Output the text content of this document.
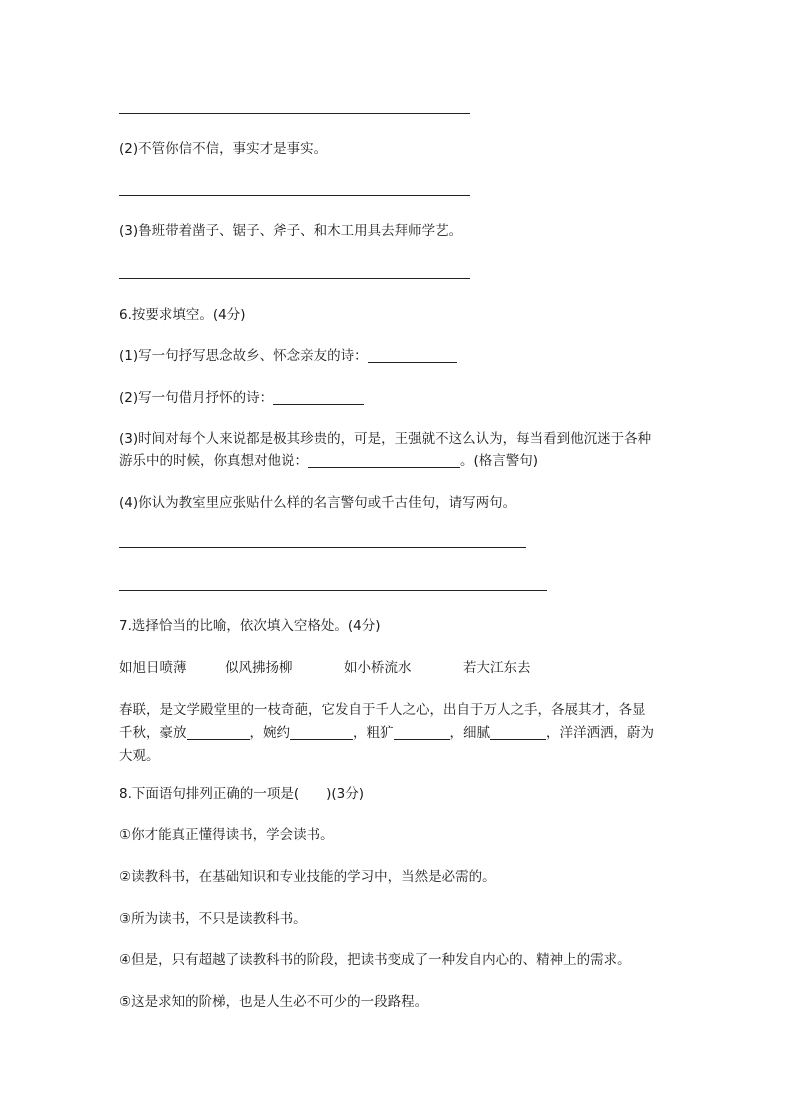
(2)不管你信不信，事实才是事实。
(3)鲁班带着凿子、锯子、斧子、和木工用具去拜师学艺。
6.按要求填空。(4分)
(1)写一句抒写思念故乡、怀念亲友的诗：
(2)写一句借月抒怀的诗：
(3)时间对每个人来说都是极其珍贵的，可是，王强就不这么认为，每当看到他沉迷于各种
游乐中的时候，你真想对他说：	。(格言警句)
(4)你认为教室里应张贴什么样的名言警句或千古佳句，请写两句。
7.选择恰当的比喻，依次填入空格处。(4分)
如旭日喷薄	似风拂扬柳	如小桥流水	若大江东去
春联，是文学殿堂里的一枝奇葩，它发自于千人之心，出自于万人之手，各展其才，各显
千秋，豪放	，婉约	，粗犷	，细腻	，洋洋洒洒，蔚为
大观。
8.下面语句排列正确的一项是(　　)(3分)
①你才能真正懂得读书，学会读书。
②读教科书，在基础知识和专业技能的学习中，当然是必需的。
③所为读书，不只是读教科书。
④但是，只有超越了读教科书的阶段，把读书变成了一种发自内心的、精神上的需求。
⑤这是求知的阶梯，也是人生必不可少的一段路程。
